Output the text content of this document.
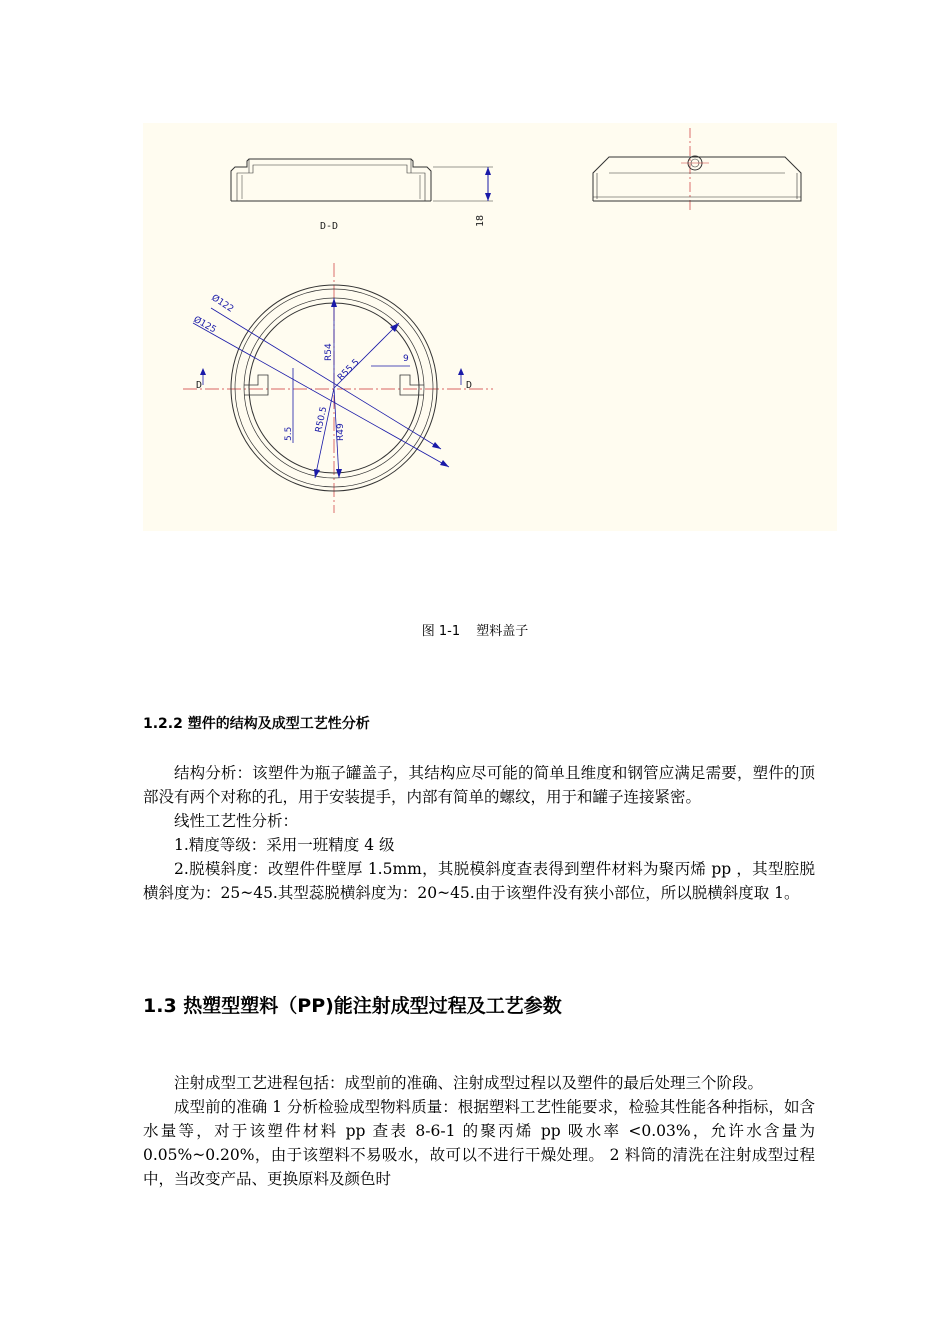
18
D-D
Ø122
Ø125
R54
R55.5
R50.5 R49
9
5.5
D	D
图 1-1 塑料盖子
1.2.2 塑件的结构及成型工艺性分析

结构分析：该塑件为瓶子罐盖子，其结构应尽可能的简单且维度和钢管应满足需要，塑件的顶部没有两个对称的孔，用于安装提手，内部有简单的螺纹，用于和罐子连接紧密。

线性工艺性分析：

1.精度等级：采用一班精度 4 级

2.脱模斜度：改塑件件壁厚 1.5mm，其脱模斜度查表得到塑件材料为聚丙烯 pp ，其型腔脱横斜度为：25~45.其型蕊脱横斜度为：20~45.由于该塑件没有狭小部位，所以脱横斜度取 1。

1.3 热塑型塑料（PP)能注射成型过程及工艺参数

注射成型工艺进程包括：成型前的准确、注射成型过程以及塑件的最后处理三个阶段。

成型前的准确 1 分析检验成型物料质量：根据塑料工艺性能要求，检验其性能各种指标，如含水量等，对于该塑件材料 pp 查表 8-6-1 的聚丙烯 pp 吸水率 <0.03%，允许水含量为 0.05%~0.20%，由于该塑料不易吸水，故可以不进行干燥处理。 2 料筒的清洗在注射成型过程中，当改变产品、更换原料及颜色时
